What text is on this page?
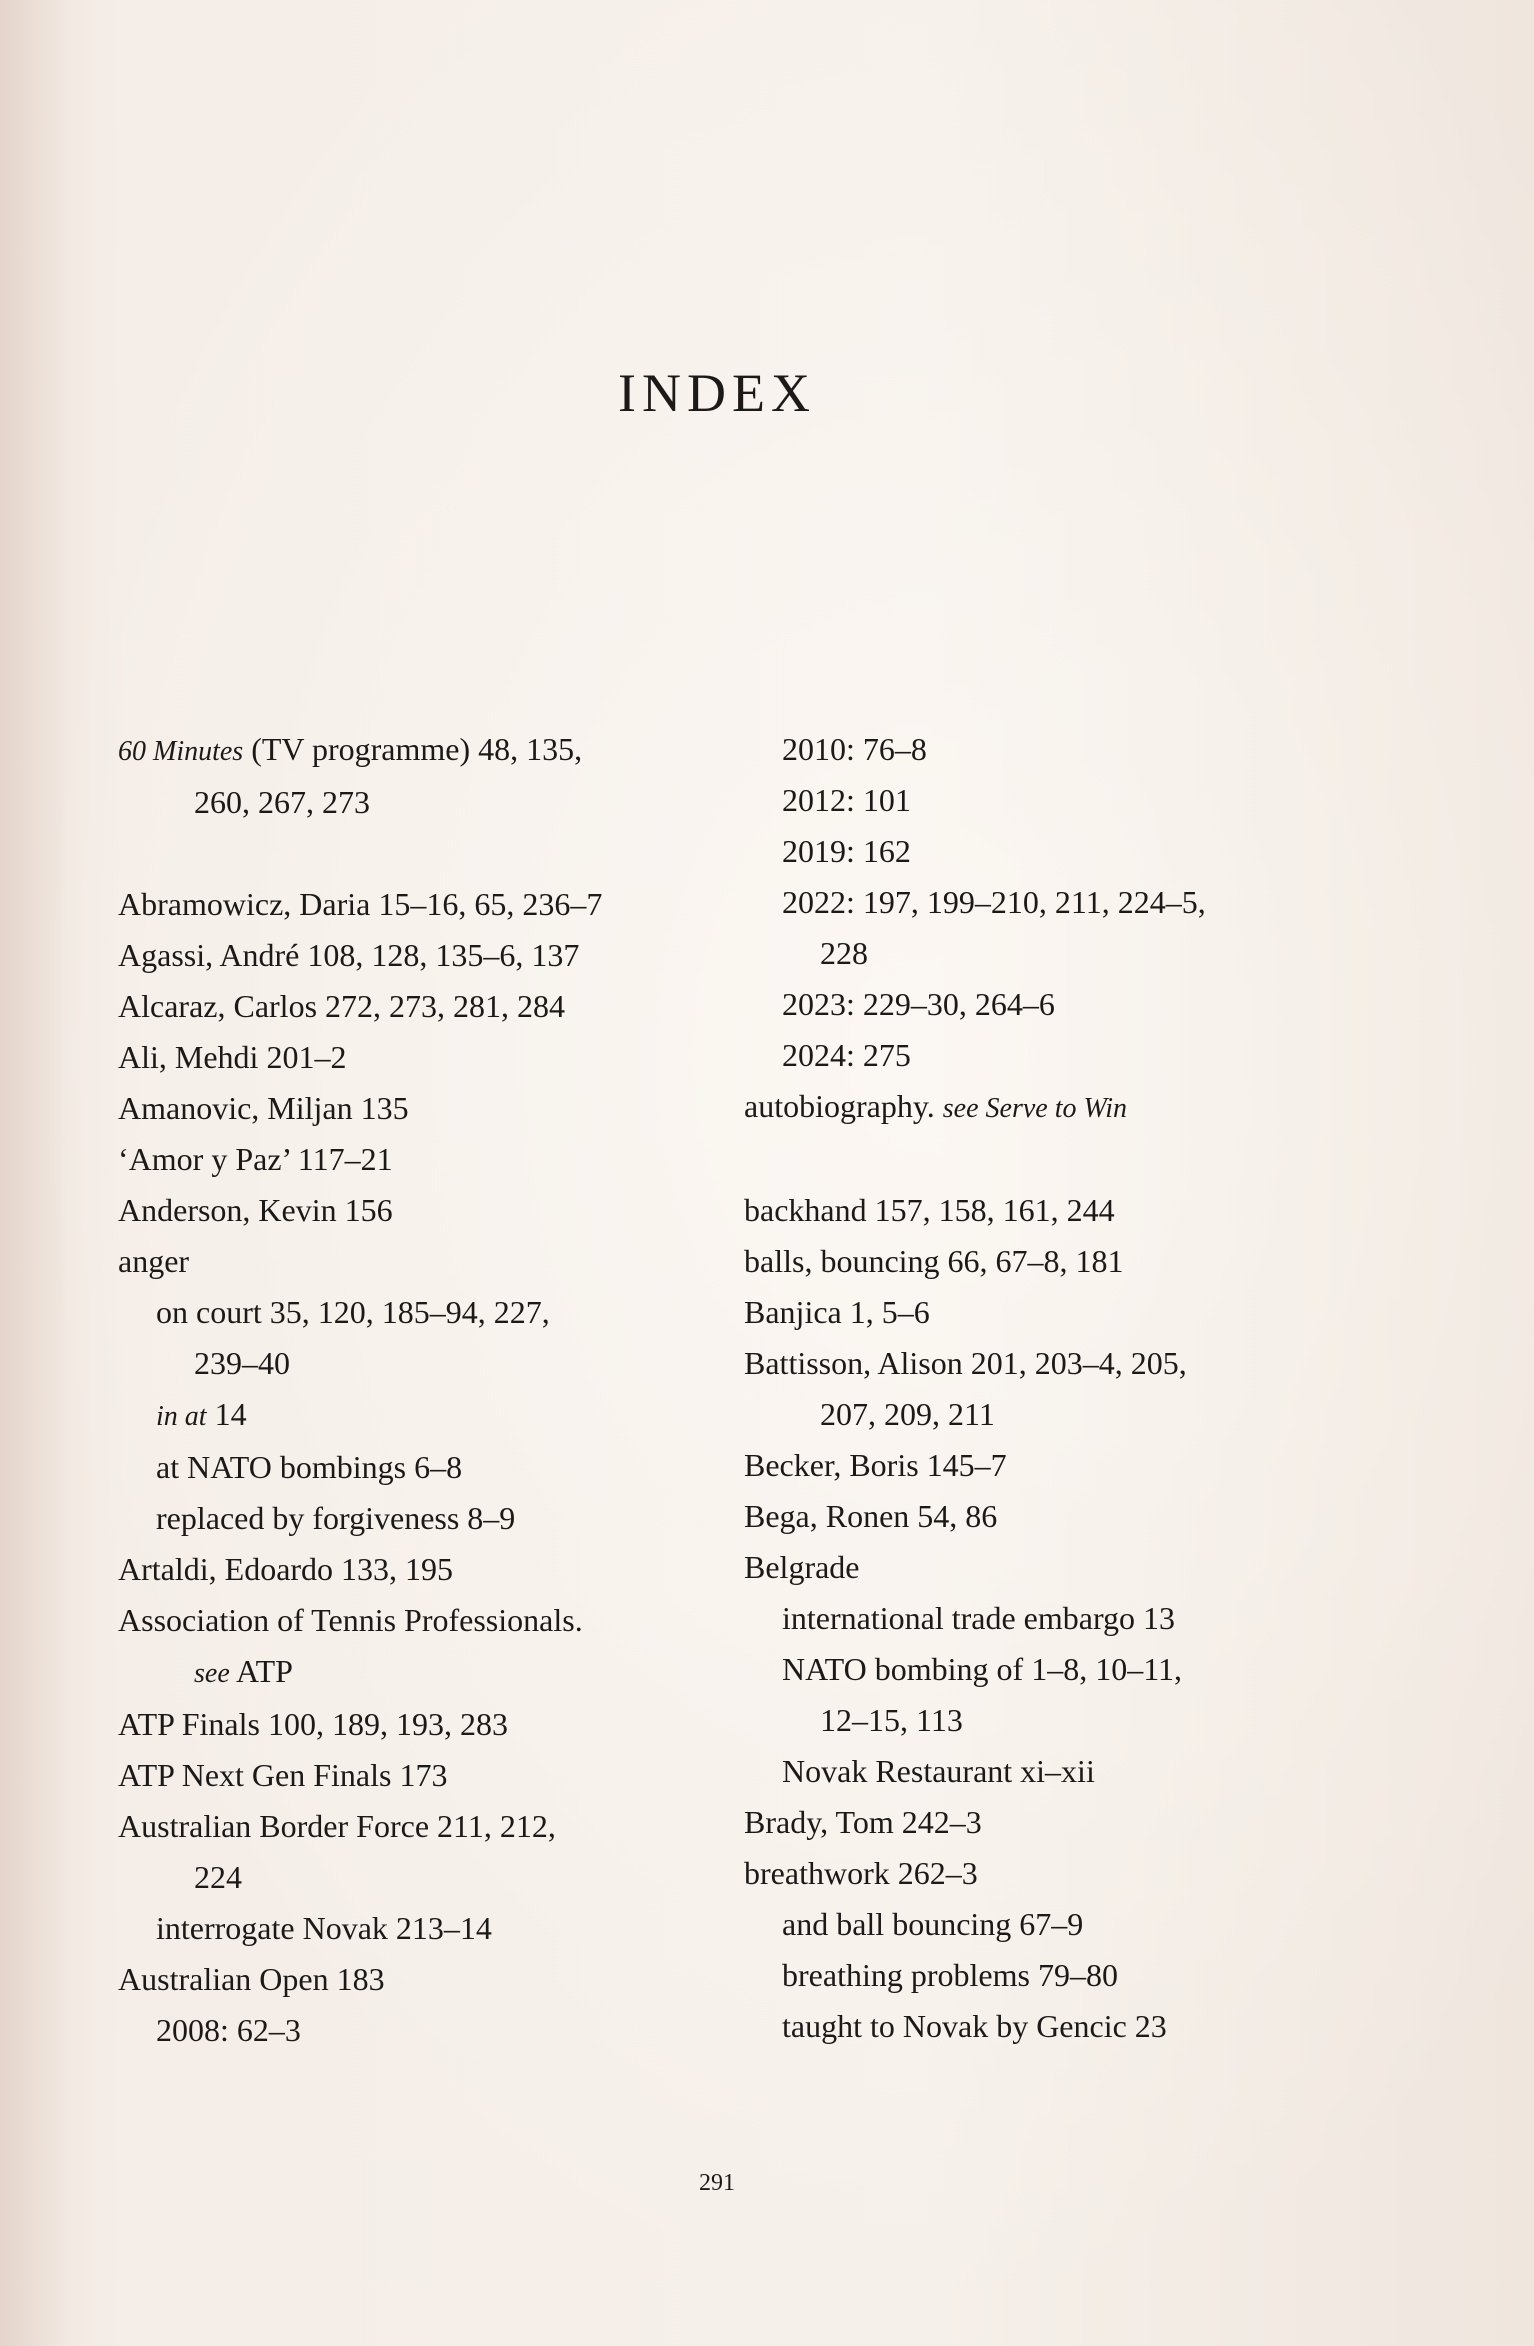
INDEX
60 Minutes (TV programme) 48, 135,
260, 267, 273
Abramowicz, Daria 15–16, 65, 236–7
Agassi, André 108, 128, 135–6, 137
Alcaraz, Carlos 272, 273, 281, 284
Ali, Mehdi 201–2
Amanovic, Miljan 135
‘Amor y Paz’ 117–21
Anderson, Kevin 156
anger
on court 35, 120, 185–94, 227,
239–40
in at 14
at NATO bombings 6–8
replaced by forgiveness 8–9
Artaldi, Edoardo 133, 195
Association of Tennis Professionals.
see ATP
ATP Finals 100, 189, 193, 283
ATP Next Gen Finals 173
Australian Border Force 211, 212,
224
interrogate Novak 213–14
Australian Open 183
2008: 62–3
2010: 76–8
2012: 101
2019: 162
2022: 197, 199–210, 211, 224–5,
228
2023: 229–30, 264–6
2024: 275
autobiography. see Serve to Win
backhand 157, 158, 161, 244
balls, bouncing 66, 67–8, 181
Banjica 1, 5–6
Battisson, Alison 201, 203–4, 205,
207, 209, 211
Becker, Boris 145–7
Bega, Ronen 54, 86
Belgrade
international trade embargo 13
NATO bombing of 1–8, 10–11,
12–15, 113
Novak Restaurant xi–xii
Brady, Tom 242–3
breathwork 262–3
and ball bouncing 67–9
breathing problems 79–80
taught to Novak by Gencic 23
291
